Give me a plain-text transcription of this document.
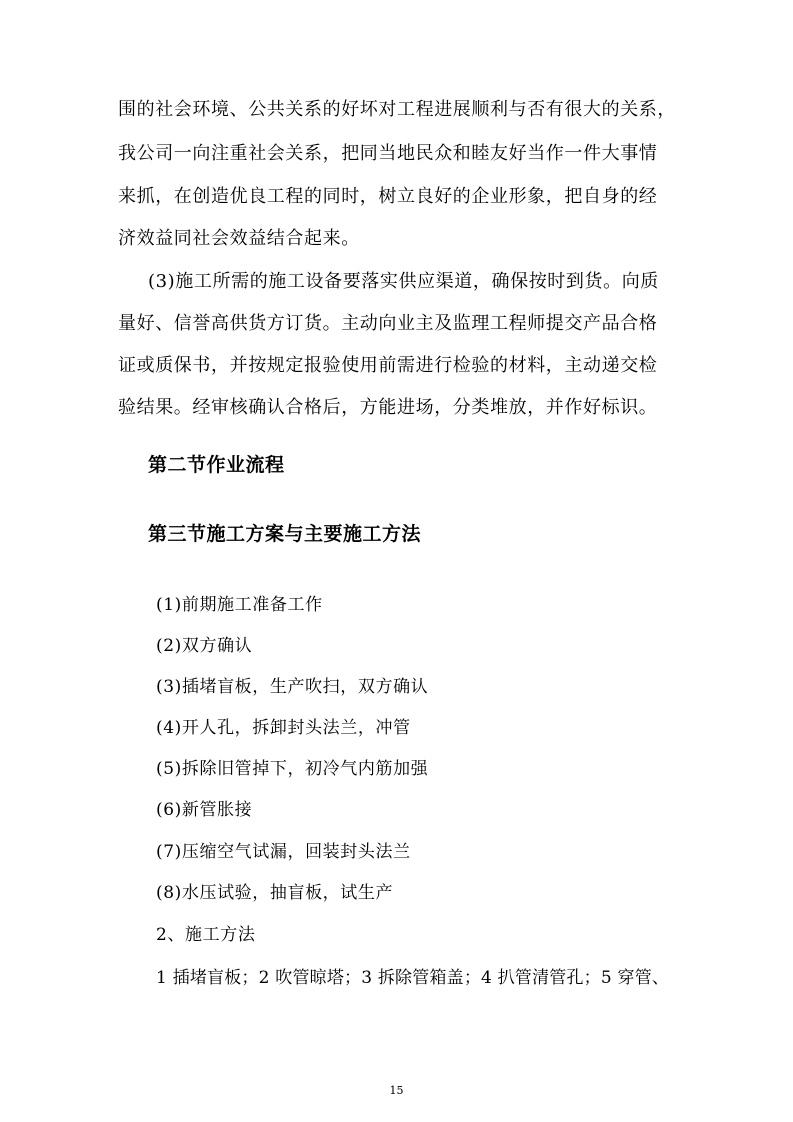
围的社会环境、公共关系的好坏对工程进展顺利与否有很大的关系，
我公司一向注重社会关系，把同当地民众和睦友好当作一件大事情
来抓，在创造优良工程的同时，树立良好的企业形象，把自身的经
济效益同社会效益结合起来。
(3)施工所需的施工设备要落实供应渠道，确保按时到货。向质
量好、信誉高供货方订货。主动向业主及监理工程师提交产品合格
证或质保书，并按规定报验使用前需进行检验的材料，主动递交检
验结果。经审核确认合格后，方能进场，分类堆放，并作好标识。
第二节作业流程
第三节施工方案与主要施工方法
(1)前期施工准备工作
(2)双方确认
(3)插堵盲板，生产吹扫，双方确认
(4)开人孔，拆卸封头法兰，冲管
(5)拆除旧管掉下，初冷气内筋加强
(6)新管胀接
(7)压缩空气试漏，回装封头法兰
(8)水压试验，抽盲板，试生产
2、施工方法
1 插堵盲板；2 吹管晾塔；3 拆除管箱盖；4 扒管清管孔；5 穿管、
15
